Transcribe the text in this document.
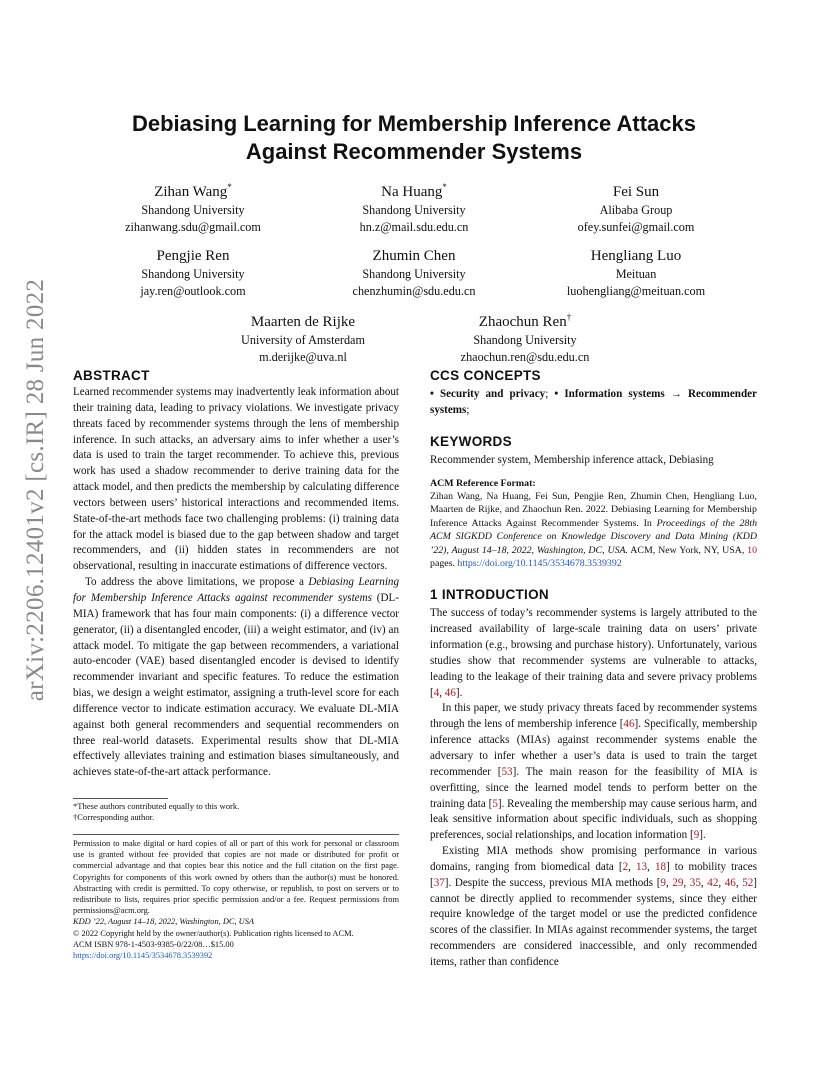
arXiv:2206.12401v2 [cs.IR] 28 Jun 2022
Debiasing Learning for Membership Inference Attacks
Against Recommender Systems
Zihan Wang*
Shandong University
zihanwang.sdu@gmail.com
Na Huang*
Shandong University
hn.z@mail.sdu.edu.cn
Fei Sun
Alibaba Group
ofey.sunfei@gmail.com
Pengjie Ren
Shandong University
jay.ren@outlook.com
Zhumin Chen
Shandong University
chenzhumin@sdu.edu.cn
Hengliang Luo
Meituan
luohengliang@meituan.com
Maarten de Rijke
University of Amsterdam
m.derijke@uva.nl
Zhaochun Ren†
Shandong University
zhaochun.ren@sdu.edu.cn
ABSTRACT

Learned recommender systems may inadvertently leak information about their training data, leading to privacy violations. We investigate privacy threats faced by recommender systems through the lens of membership inference. In such attacks, an adversary aims to infer whether a user’s data is used to train the target recommender. To achieve this, previous work has used a shadow recommender to derive training data for the attack model, and then predicts the membership by calculating difference vectors between users’ historical interactions and recommended items. State-of-the-art methods face two challenging problems: (i) training data for the attack model is biased due to the gap between shadow and target recommenders, and (ii) hidden states in recommenders are not observational, resulting in inaccurate estimations of difference vectors.

To address the above limitations, we propose a Debiasing Learning for Membership Inference Attacks against recommender systems (DL-MIA) framework that has four main components: (i) a difference vector generator, (ii) a disentangled encoder, (iii) a weight estimator, and (iv) an attack model. To mitigate the gap between recommenders, a variational auto-encoder (VAE) based disentangled encoder is devised to identify recommender invariant and specific features. To reduce the estimation bias, we design a weight estimator, assigning a truth-level score for each difference vector to indicate estimation accuracy. We evaluate DL-MIA against both general recommenders and sequential recommenders on three real-world datasets. Experimental results show that DL-MIA effectively alleviates training and estimation biases simultaneously, and achieves state-of-the-art attack performance.

*These authors contributed equally to this work.
†Corresponding author.

Permission to make digital or hard copies of all or part of this work for personal or classroom use is granted without fee provided that copies are not made or distributed for profit or commercial advantage and that copies bear this notice and the full citation on the first page. Copyrights for components of this work owned by others than the author(s) must be honored. Abstracting with credit is permitted. To copy otherwise, or republish, to post on servers or to redistribute to lists, requires prior specific permission and/or a fee. Request permissions from permissions@acm.org.

KDD ’22, August 14–18, 2022, Washington, DC, USA

© 2022 Copyright held by the owner/author(s). Publication rights licensed to ACM.

ACM ISBN 978-1-4503-9385-0/22/08…$15.00

https://doi.org/10.1145/3534678.3539392

CCS CONCEPTS

• Security and privacy; • Information systems → Recommender systems;

KEYWORDS

Recommender system, Membership inference attack, Debiasing

ACM Reference Format:
Zihan Wang, Na Huang, Fei Sun, Pengjie Ren, Zhumin Chen, Hengliang Luo, Maarten de Rijke, and Zhaochun Ren. 2022. Debiasing Learning for Membership Inference Attacks Against Recommender Systems. In Proceedings of the 28th ACM SIGKDD Conference on Knowledge Discovery and Data Mining (KDD ’22), August 14–18, 2022, Washington, DC, USA. ACM, New York, NY, USA, 10 pages. https://doi.org/10.1145/3534678.3539392
1 INTRODUCTION

The success of today’s recommender systems is largely attributed to the increased availability of large-scale training data on users’ private information (e.g., browsing and purchase history). Unfortunately, various studies show that recommender systems are vulnerable to attacks, leading to the leakage of their training data and severe privacy problems [4, 46].

In this paper, we study privacy threats faced by recommender systems through the lens of membership inference [46]. Specifically, membership inference attacks (MIAs) against recommender systems enable the adversary to infer whether a user’s data is used to train the target recommender [53]. The main reason for the feasibility of MIA is overfitting, since the learned model tends to perform better on the training data [5]. Revealing the membership may cause serious harm, and leak sensitive information about specific individuals, such as shopping preferences, social relationships, and location information [9].

Existing MIA methods show promising performance in various domains, ranging from biomedical data [2, 13, 18] to mobility traces [37]. Despite the success, previous MIA methods [9, 29, 35, 42, 46, 52] cannot be directly applied to recommender systems, since they either require knowledge of the target model or use the predicted confidence scores of the classifier. In MIAs against recommender systems, the target recommenders are considered inaccessible, and only recommended items, rather than confidence
